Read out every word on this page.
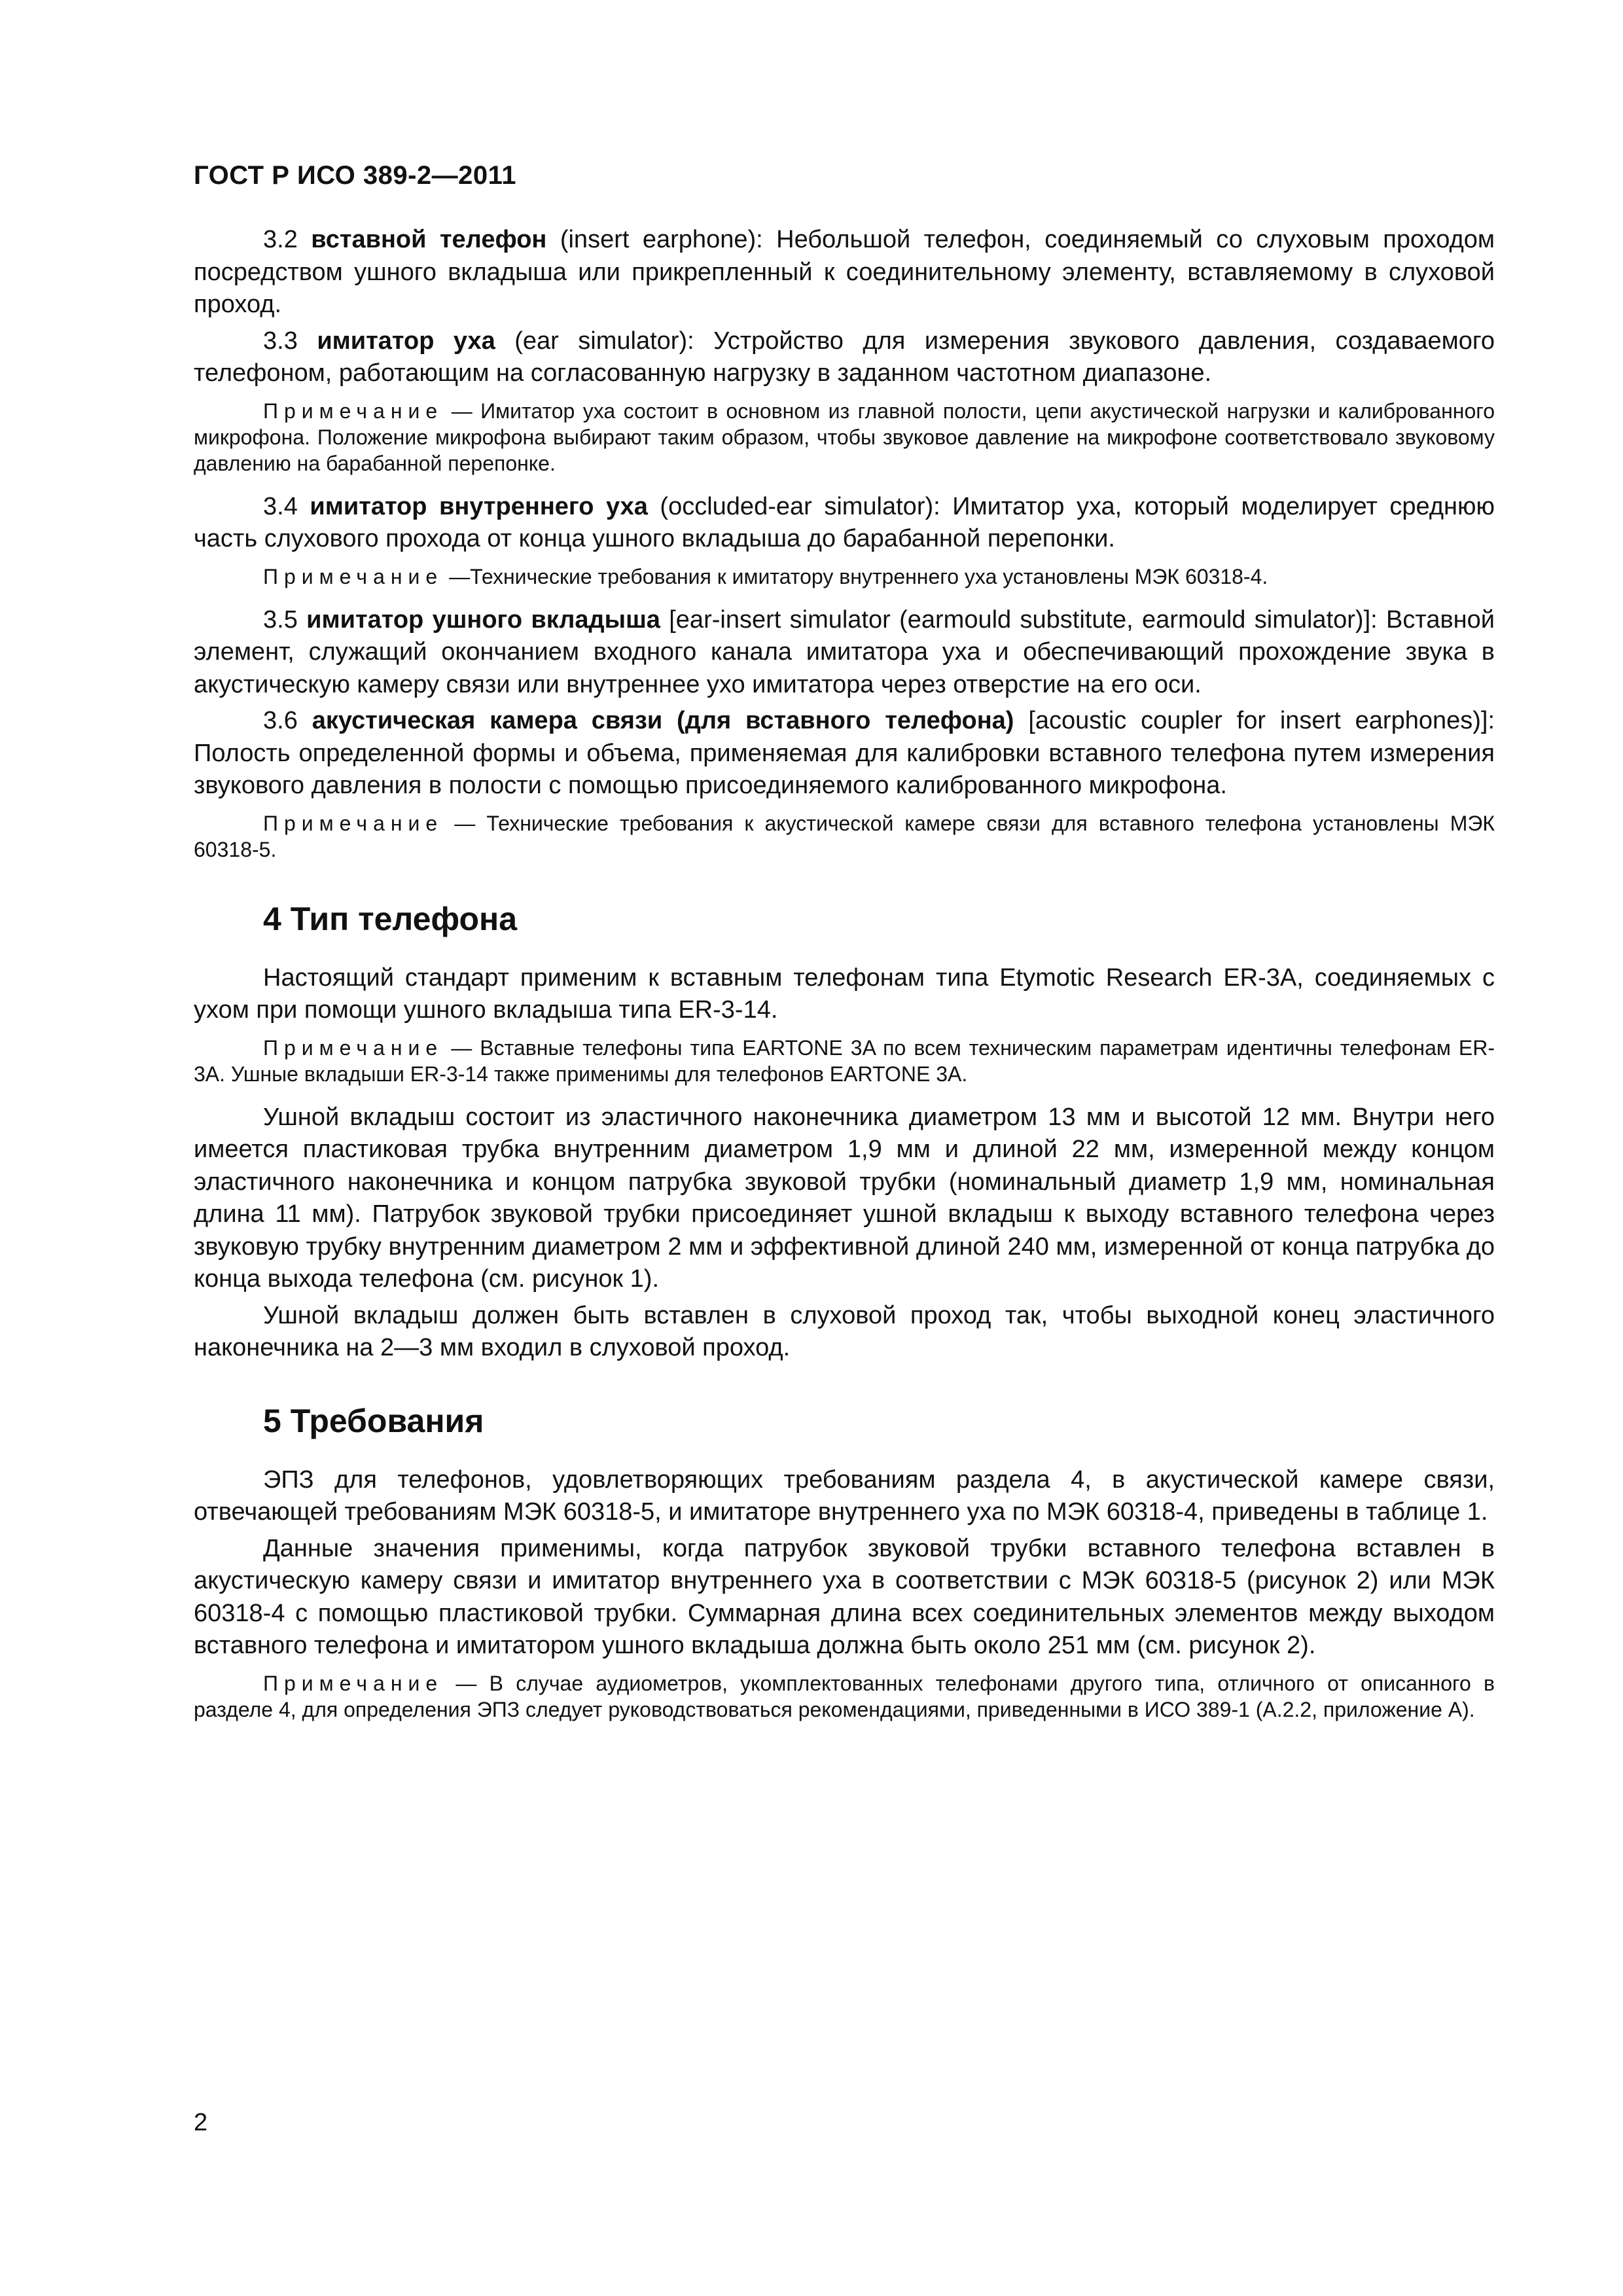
ГОСТ Р ИСО 389-2—2011

3.2 вставной телефон (insert earphone): Небольшой телефон, соединяемый со слуховым проходом посредством ушного вкладыша или прикрепленный к соединительному элементу, вставляемому в слуховой проход.

3.3 имитатор уха (ear simulator): Устройство для измерения звукового давления, создаваемого телефоном, работающим на согласованную нагрузку в заданном частотном диапазоне.

Примечание — Имитатор уха состоит в основном из главной полости, цепи акустической нагрузки и калиброванного микрофона. Положение микрофона выбирают таким образом, чтобы звуковое давление на микрофоне соответствовало звуковому давлению на барабанной перепонке.

3.4 имитатор внутреннего уха (occluded-ear simulator): Имитатор уха, который моделирует среднюю часть слухового прохода от конца ушного вкладыша до барабанной перепонки.

Примечание —Технические требования к имитатору внутреннего уха установлены МЭК 60318-4.

3.5 имитатор ушного вкладыша [ear-insert simulator (earmould substitute, earmould simulator)]: Вставной элемент, служащий окончанием входного канала имитатора уха и обеспечивающий прохождение звука в акустическую камеру связи или внутреннее ухо имитатора через отверстие на его оси.

3.6 акустическая камера связи (для вставного телефона) [acoustic coupler for insert earphones)]: Полость определенной формы и объема, применяемая для калибровки вставного телефона путем измерения звукового давления в полости с помощью присоединяемого калиброванного микрофона.

Примечание — Технические требования к акустической камере связи для вставного телефона установлены МЭК 60318-5.

4 Тип телефона

Настоящий стандарт применим к вставным телефонам типа Etymotic Research ER-3A, соединяемых с ухом при помощи ушного вкладыша типа ER-3-14.

Примечание — Вставные телефоны типа EARTONE 3A по всем техническим параметрам идентичны телефонам ER-3A. Ушные вкладыши ER-3-14 также применимы для телефонов EARTONE 3A.

Ушной вкладыш состоит из эластичного наконечника диаметром 13 мм и высотой 12 мм. Внутри него имеется пластиковая трубка внутренним диаметром 1,9 мм и длиной 22 мм, измеренной между концом эластичного наконечника и концом патрубка звуковой трубки (номинальный диаметр 1,9 мм, номинальная длина 11 мм). Патрубок звуковой трубки присоединяет ушной вкладыш к выходу вставного телефона через звуковую трубку внутренним диаметром 2 мм и эффективной длиной 240 мм, измеренной от конца патрубка до конца выхода телефона (см. рисунок 1).

Ушной вкладыш должен быть вставлен в слуховой проход так, чтобы выходной конец эластичного наконечника на 2—3 мм входил в слуховой проход.

5 Требования

ЭПЗ для телефонов, удовлетворяющих требованиям раздела 4, в акустической камере связи, отвечающей требованиям МЭК 60318-5, и имитаторе внутреннего уха по МЭК 60318-4, приведены в таблице 1.

Данные значения применимы, когда патрубок звуковой трубки вставного телефона вставлен в акустическую камеру связи и имитатор внутреннего уха в соответствии с МЭК 60318-5 (рисунок 2) или МЭК 60318-4 с помощью пластиковой трубки. Суммарная длина всех соединительных элементов между выходом вставного телефона и имитатором ушного вкладыша должна быть около 251 мм (см. рисунок 2).

Примечание — В случае аудиометров, укомплектованных телефонами другого типа, отличного от описанного в разделе 4, для определения ЭПЗ следует руководствоваться рекомендациями, приведенными в ИСО 389-1 (А.2.2, приложение А).

2
